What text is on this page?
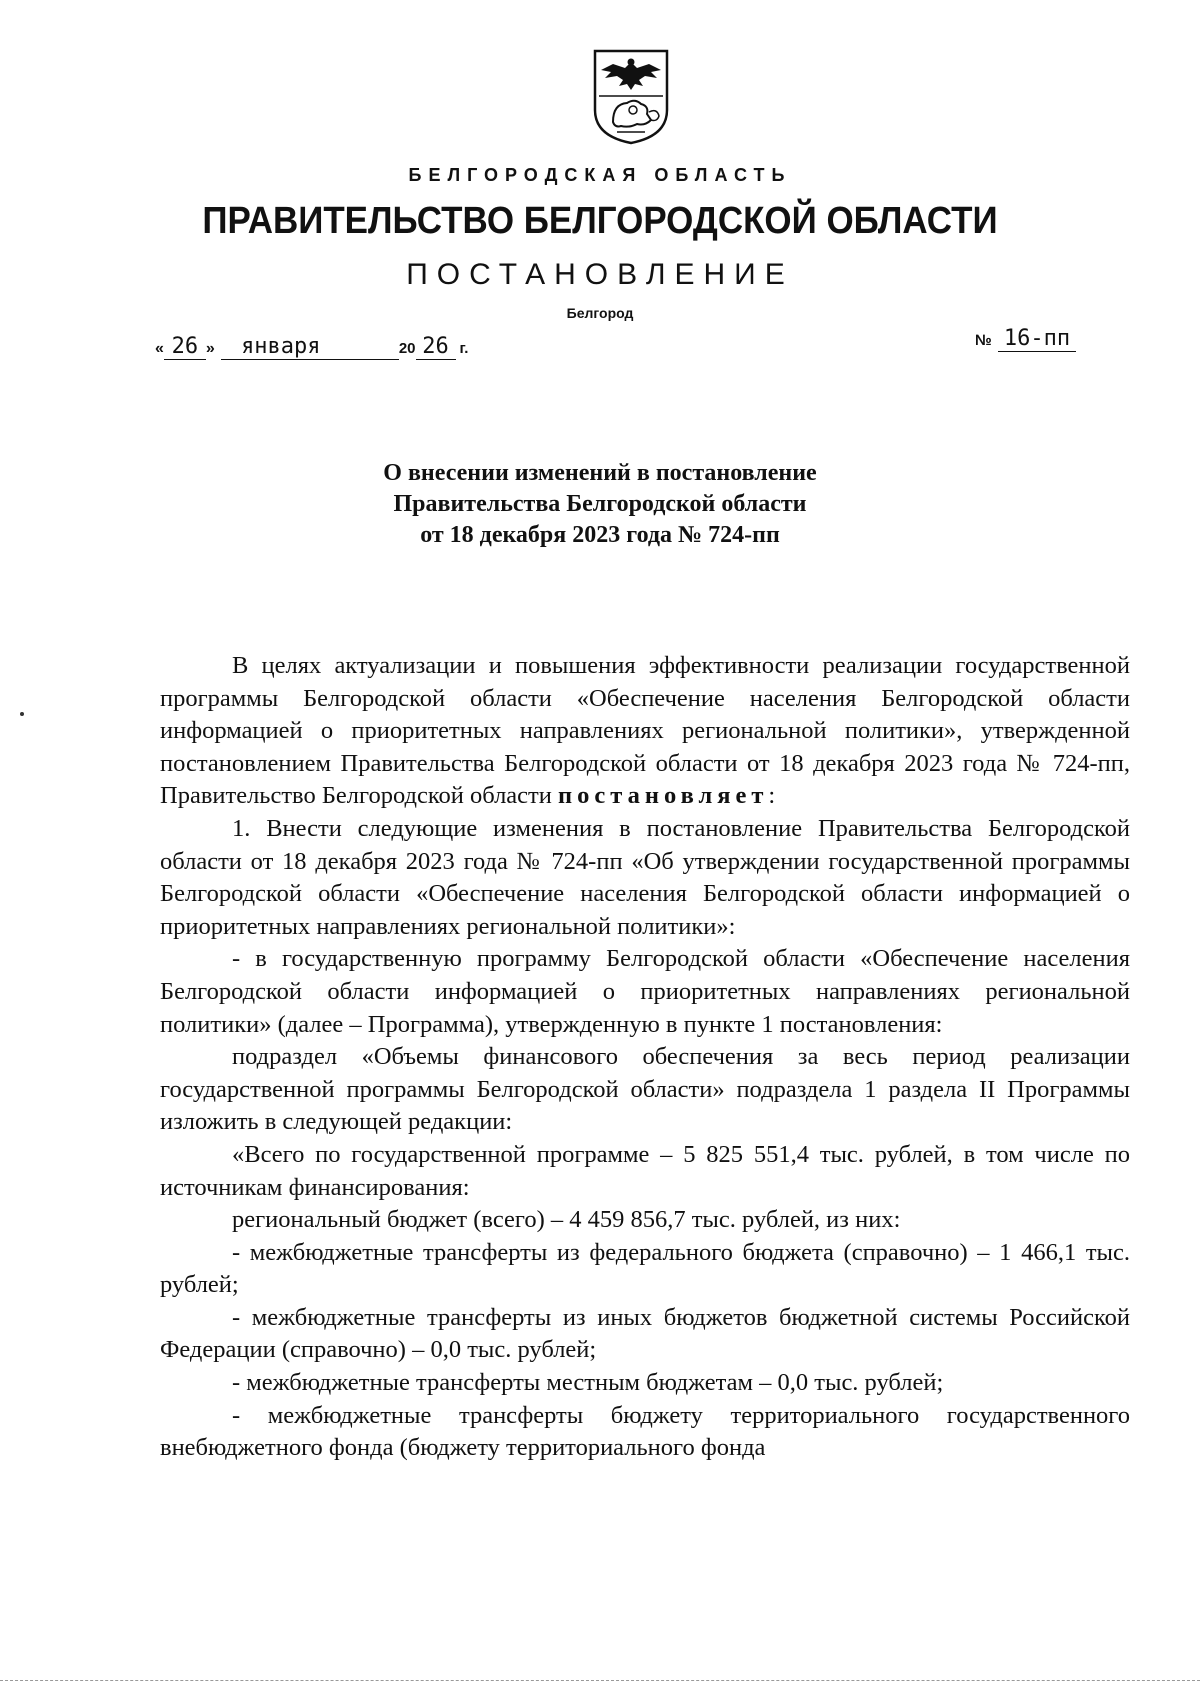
БЕЛГОРОДСКАЯ ОБЛАСТЬ
ПРАВИТЕЛЬСТВО БЕЛГОРОДСКОЙ ОБЛАСТИ
ПОСТАНОВЛЕНИЕ
Белгород
« 26 »	января
	20 26 г.	№ 16-пп
О внесении изменений в постановление
Правительства Белгородской области
от 18 декабря 2023 года № 724-пп

В целях актуализации и повышения эффективности реализации государственной программы Белгородской области «Обеспечение населения Белгородской области информацией о приоритетных направлениях региональной политики», утвержденной постановлением Правительства Белгородской области от 18 декабря 2023 года № 724-пп, Правительство Белгородской области постановляет:

1. Внести следующие изменения в постановление Правительства Белгородской области от 18 декабря 2023 года № 724-пп «Об утверждении государственной программы Белгородской области «Обеспечение населения Белгородской области информацией о приоритетных направлениях региональной политики»:

- в государственную программу Белгородской области «Обеспечение населения Белгородской области информацией о приоритетных направлениях региональной политики» (далее – Программа), утвержденную в пункте 1 постановления:

подраздел «Объемы финансового обеспечения за весь период реализации государственной программы Белгородской области» подраздела 1 раздела II Программы изложить в следующей редакции:

«Всего по государственной программе – 5 825 551,4 тыс. рублей, в том числе по источникам финансирования:

региональный бюджет (всего) – 4 459 856,7 тыс. рублей, из них:

- межбюджетные трансферты из федерального бюджета (справочно) – 1 466,1 тыс. рублей;

- межбюджетные трансферты из иных бюджетов бюджетной системы Российской Федерации (справочно) – 0,0 тыс. рублей;

- межбюджетные трансферты местным бюджетам – 0,0 тыс. рублей;

- межбюджетные трансферты бюджету территориального государственного внебюджетного фонда (бюджету территориального фонда
